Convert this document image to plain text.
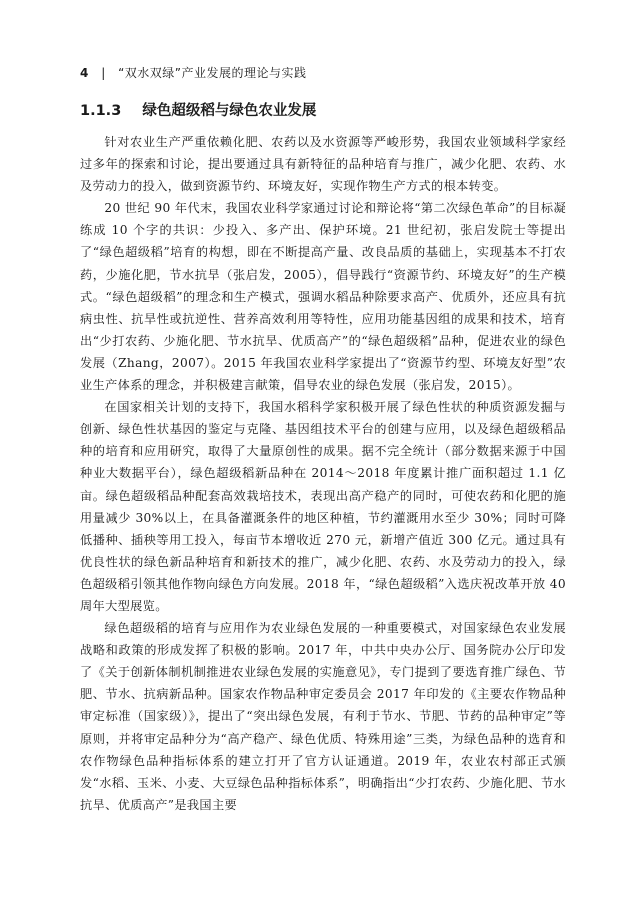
4 | “双水双绿”产业发展的理论与实践
1.1.3 绿色超级稻与绿色农业发展

针对农业生产严重依赖化肥、农药以及水资源等严峻形势，我国农业领域科学家经过多年的探索和讨论，提出要通过具有新特征的品种培育与推广，减少化肥、农药、水及劳动力的投入，做到资源节约、环境友好，实现作物生产方式的根本转变。

20 世纪 90 年代末，我国农业科学家通过讨论和辩论将“第二次绿色革命”的目标凝练成 10 个字的共识：少投入、多产出、保护环境。21 世纪初，张启发院士等提出了“绿色超级稻”培育的构想，即在不断提高产量、改良品质的基础上，实现基本不打农药，少施化肥，节水抗旱（张启发，2005），倡导践行“资源节约、环境友好”的生产模式。“绿色超级稻”的理念和生产模式，强调水稻品种除要求高产、优质外，还应具有抗病虫性、抗旱性或抗逆性、营养高效利用等特性，应用功能基因组的成果和技术，培育出“少打农药、少施化肥、节水抗旱、优质高产”的“绿色超级稻”品种，促进农业的绿色发展（Zhang，2007）。2015 年我国农业科学家提出了“资源节约型、环境友好型”农业生产体系的理念，并积极建言献策，倡导农业的绿色发展（张启发，2015）。

在国家相关计划的支持下，我国水稻科学家积极开展了绿色性状的种质资源发掘与创新、绿色性状基因的鉴定与克隆、基因组技术平台的创建与应用，以及绿色超级稻品种的培育和应用研究，取得了大量原创性的成果。据不完全统计（部分数据来源于中国种业大数据平台），绿色超级稻新品种在 2014～2018 年度累计推广面积超过 1.1 亿亩。绿色超级稻品种配套高效栽培技术，表现出高产稳产的同时，可使农药和化肥的施用量减少 30%以上，在具备灌溉条件的地区种植，节约灌溉用水至少 30%；同时可降低播种、插秧等用工投入，每亩节本增收近 270 元，新增产值近 300 亿元。通过具有优良性状的绿色新品种培育和新技术的推广，减少化肥、农药、水及劳动力的投入，绿色超级稻引领其他作物向绿色方向发展。2018 年，“绿色超级稻”入选庆祝改革开放 40 周年大型展览。

绿色超级稻的培育与应用作为农业绿色发展的一种重要模式，对国家绿色农业发展战略和政策的形成发挥了积极的影响。2017 年，中共中央办公厅、国务院办公厅印发了《关于创新体制机制推进农业绿色发展的实施意见》，专门提到了要选育推广绿色、节肥、节水、抗病新品种。国家农作物品种审定委员会 2017 年印发的《主要农作物品种审定标准（国家级）》，提出了“突出绿色发展，有利于节水、节肥、节药的品种审定”等原则，并将审定品种分为“高产稳产、绿色优质、特殊用途”三类，为绿色品种的选育和农作物绿色品种指标体系的建立打开了官方认证通道。2019 年，农业农村部正式颁发“水稻、玉米、小麦、大豆绿色品种指标体系”，明确指出“少打农药、少施化肥、节水抗旱、优质高产”是我国主要
